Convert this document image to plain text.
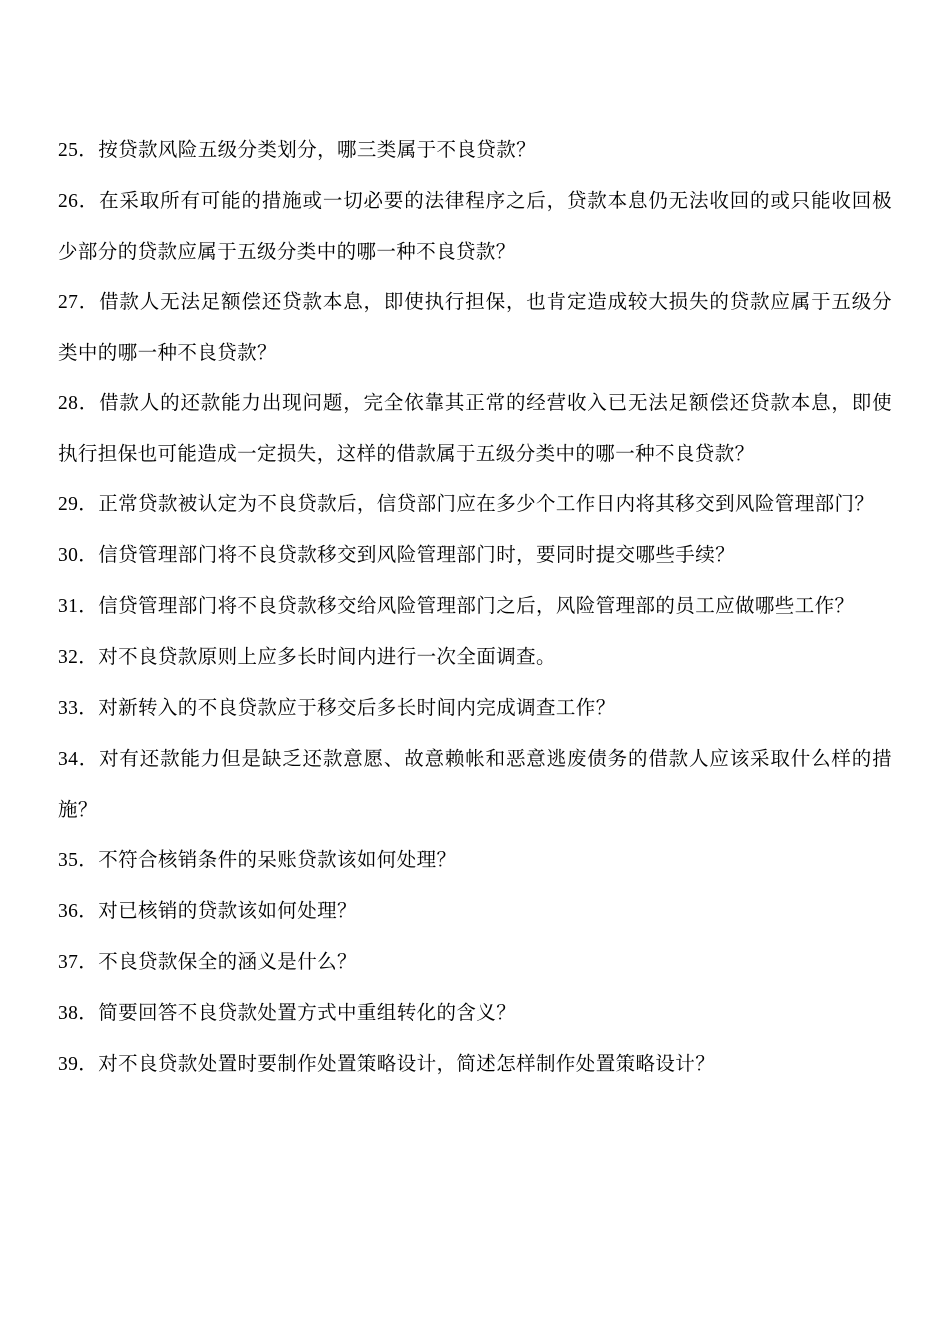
25．按贷款风险五级分类划分，哪三类属于不良贷款？

26．在采取所有可能的措施或一切必要的法律程序之后，贷款本息仍无法收回的或只能收回极少部分的贷款应属于五级分类中的哪一种不良贷款？

27．借款人无法足额偿还贷款本息，即使执行担保，也肯定造成较大损失的贷款应属于五级分类中的哪一种不良贷款？

28．借款人的还款能力出现问题，完全依靠其正常的经营收入已无法足额偿还贷款本息，即使执行担保也可能造成一定损失，这样的借款属于五级分类中的哪一种不良贷款？

29．正常贷款被认定为不良贷款后，信贷部门应在多少个工作日内将其移交到风险管理部门？

30．信贷管理部门将不良贷款移交到风险管理部门时，要同时提交哪些手续？

31．信贷管理部门将不良贷款移交给风险管理部门之后，风险管理部的员工应做哪些工作？

32．对不良贷款原则上应多长时间内进行一次全面调查。

33．对新转入的不良贷款应于移交后多长时间内完成调查工作？

34．对有还款能力但是缺乏还款意愿、故意赖帐和恶意逃废债务的借款人应该采取什么样的措施？

35．不符合核销条件的呆账贷款该如何处理？

36．对已核销的贷款该如何处理？

37．不良贷款保全的涵义是什么？

38．简要回答不良贷款处置方式中重组转化的含义？

39．对不良贷款处置时要制作处置策略设计，简述怎样制作处置策略设计？
